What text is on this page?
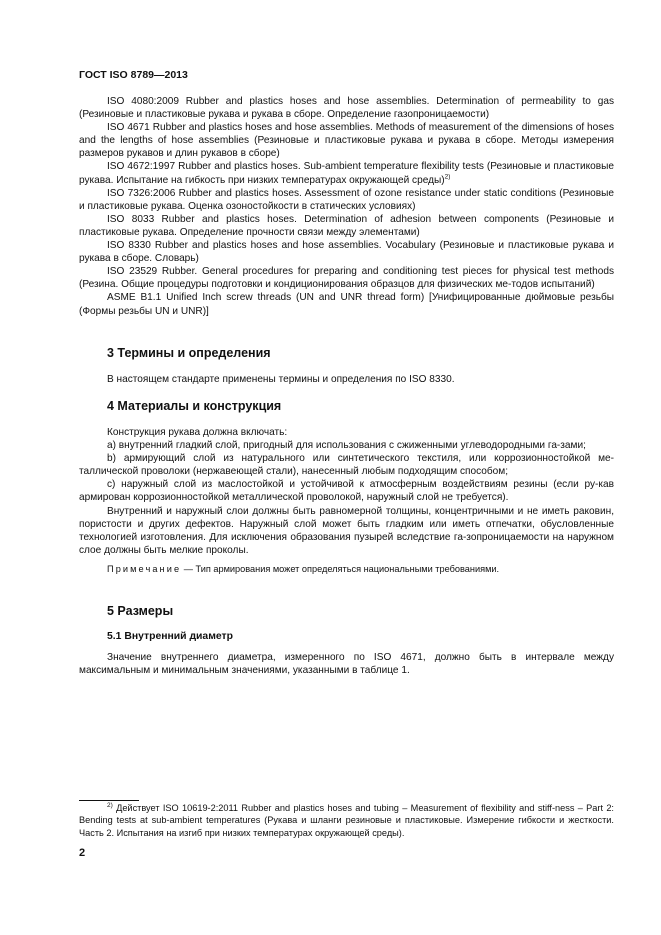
ГОСТ ISO 8789—2013

ISO 4080:2009 Rubber and plastics hoses and hose assemblies. Determination of permeability to gas (Резиновые и пластиковые рукава и рукава в сборе. Определение газопроницаемости)

ISO 4671 Rubber and plastics hoses and hose assemblies. Methods of measurement of the dimensions of hoses and the lengths of hose assemblies (Резиновые и пластиковые рукава и рукава в сборе. Методы измерения размеров рукавов и длин рукавов в сборе)

ISO 4672:1997 Rubber and plastics hoses. Sub-ambient temperature flexibility tests (Резиновые и пластиковые рукава. Испытание на гибкость при низких температурах окружающей среды)$^{2)}$

ISO 7326:2006 Rubber and plastics hoses. Assessment of ozone resistance under static conditions (Резиновые и пластиковые рукава. Оценка озоностойкости в статических условиях)

ISO 8033 Rubber and plastics hoses. Determination of adhesion between components (Резиновые и пластиковые рукава. Определение прочности связи между элементами)

ISO 8330 Rubber and plastics hoses and hose assemblies. Vocabulary (Резиновые и пластиковые рукава и рукава в сборе. Словарь)

ISO 23529 Rubber. General procedures for preparing and conditioning test pieces for physical test methods (Резина. Общие процедуры подготовки и кондиционирования образцов для физических ме-тодов испытаний)

ASME B1.1 Unified Inch screw threads (UN and UNR thread form) [Унифицированные дюймовые резьбы (Формы резьбы UN и UNR)]

3 Термины и определения

В настоящем стандарте применены термины и определения по ISO 8330.

4 Материалы и конструкция

Конструкция рукава должна включать:

а) внутренний гладкий слой, пригодный для использования с сжиженными углеводородными га-зами;

b) армирующий слой из натурального или синтетического текстиля, или коррозионностойкой ме-таллической проволоки (нержавеющей стали), нанесенный любым подходящим способом;

с) наружный слой из маслостойкой и устойчивой к атмосферным воздействиям резины (если ру-кав армирован коррозионностойкой металлической проволокой, наружный слой не требуется).

Внутренний и наружный слои должны быть равномерной толщины, концентричными и не иметь раковин, пористости и других дефектов. Наружный слой может быть гладким или иметь отпечатки, обусловленные технологией изготовления. Для исключения образования пузырей вследствие га-зопроницаемости на наружном слое должны быть мелкие проколы.

Примечание — Тип армирования может определяться национальными требованиями.

5 Размеры
5.1 Внутренний диаметр

Значение внутреннего диаметра, измеренного по ISO 4671, должно быть в интервале между максимальным и минимальным значениями, указанными в таблице 1.

$^{2)}$ Действует ISO 10619-2:2011 Rubber and plastics hoses and tubing – Measurement of flexibility and stiff-ness – Part 2: Bending tests at sub-ambient temperatures (Рукава и шланги резиновые и пластиковые. Измерение гибкости и жесткости. Часть 2. Испытания на изгиб при низких температурах окружающей среды).

2
